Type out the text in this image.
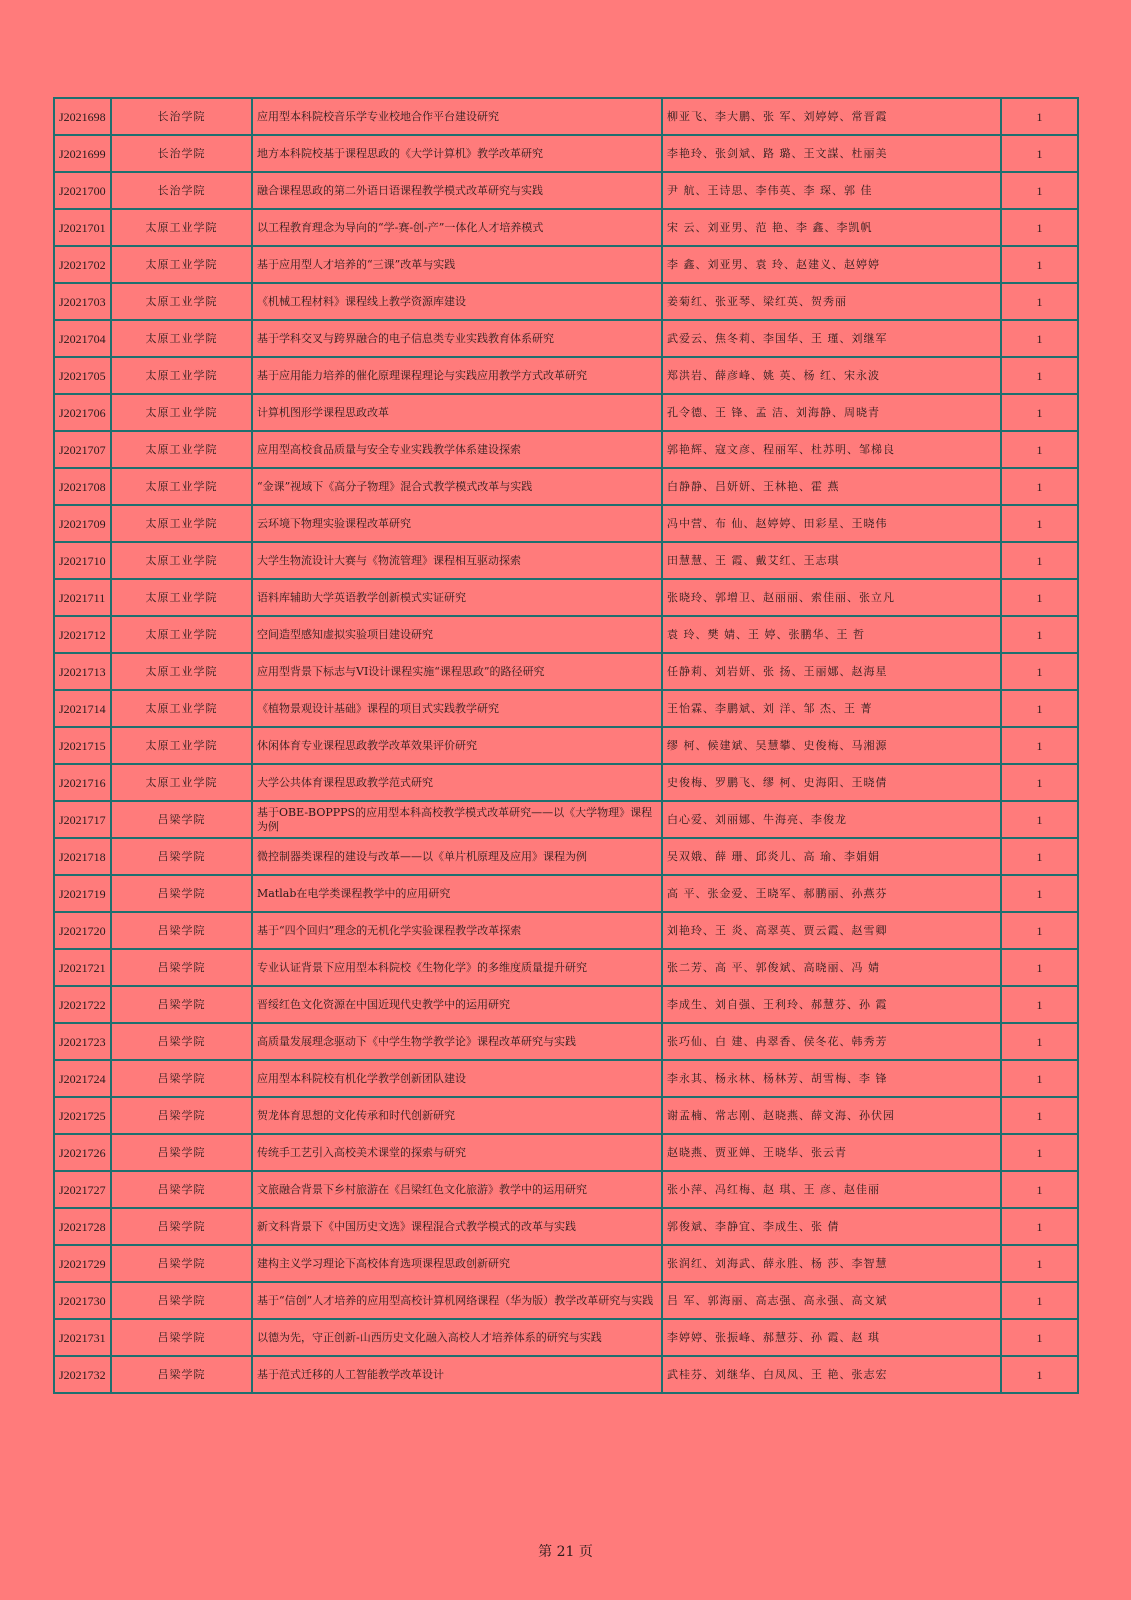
J2021698	长治学院	应用型本科院校音乐学专业校地合作平台建设研究	柳亚飞、李大鹏、张 军、刘婷婷、常晋霞	1
J2021699	长治学院	地方本科院校基于课程思政的《大学计算机》教学改革研究	李艳玲、张剑斌、路 璐、王文謀、杜丽美	1
J2021700	长治学院	融合课程思政的第二外语日语课程教学模式改革研究与实践	尹 航、王诗思、李伟英、李 琛、郭 佳	1
J2021701	太原工业学院	以工程教育理念为导向的“学-赛-创-产”一体化人才培养模式	宋 云、刘亚男、范 艳、李 鑫、李凯帆	1
J2021702	太原工业学院	基于应用型人才培养的“三课”改革与实践	李 鑫、刘亚男、袁 玲、赵建义、赵婷婷	1
J2021703	太原工业学院	《机械工程材料》课程线上教学资源库建设	姜菊红、张亚琴、梁红英、贺秀丽	1
J2021704	太原工业学院	基于学科交叉与跨界融合的电子信息类专业实践教育体系研究	武爱云、焦冬莉、李国华、王 瑾、刘继军	1
J2021705	太原工业学院	基于应用能力培养的催化原理课程理论与实践应用教学方式改革研究	郑洪岩、薛彦峰、姚 英、杨 红、宋永波	1
J2021706	太原工业学院	计算机图形学课程思政改革	孔令德、王 锋、孟 洁、刘海静、周晓青	1
J2021707	太原工业学院	应用型高校食品质量与安全专业实践教学体系建设探索	郭艳辉、寇文彦、程丽军、杜苏明、邹梯良	1
J2021708	太原工业学院	“金课”视域下《高分子物理》混合式教学模式改革与实践	白静静、吕妍妍、王林艳、霍 燕	1
J2021709	太原工业学院	云环境下物理实验课程改革研究	冯中营、布 仙、赵婷婷、田彩星、王晓伟	1
J2021710	太原工业学院	大学生物流设计大赛与《物流管理》课程相互驱动探索	田慧慧、王 霞、戴艾红、王志琪	1
J2021711	太原工业学院	语料库辅助大学英语教学创新模式实证研究	张晓玲、郭增卫、赵丽丽、索佳丽、张立凡	1
J2021712	太原工业学院	空间造型感知虚拟实验项目建设研究	袁 玲、樊 婧、王 婷、张鹏华、王 哲	1
J2021713	太原工业学院	应用型背景下标志与VI设计课程实施“课程思政”的路径研究	任静莉、刘岩妍、张 扬、王丽娜、赵海星	1
J2021714	太原工业学院	《植物景观设计基础》课程的项目式实践教学研究	王怡霖、李鹏斌、刘 洋、邹 杰、王 菁	1
J2021715	太原工业学院	休闲体育专业课程思政教学改革效果评价研究	缪 柯、候建斌、吴慧攀、史俊梅、马湘源	1
J2021716	太原工业学院	大学公共体育课程思政教学范式研究	史俊梅、罗鹏飞、缪 柯、史海阳、王晓倩	1
J2021717	吕梁学院	基于OBE-BOPPPS的应用型本科高校教学模式改革研究——以《大学物理》课程为例	白心爱、刘丽娜、牛海亮、李俊龙	1
J2021718	吕梁学院	微控制器类课程的建设与改革——以《单片机原理及应用》课程为例	吴双娥、薛 珊、邱炎儿、高 瑜、李娟娟	1
J2021719	吕梁学院	Matlab在电学类课程教学中的应用研究	高 平、张金爱、王晓军、郝鹏丽、孙燕芬	1
J2021720	吕梁学院	基于“四个回归”理念的无机化学实验课程教学改革探索	刘艳玲、王 炎、高翠英、贾云霞、赵雪卿	1
J2021721	吕梁学院	专业认证背景下应用型本科院校《生物化学》的多维度质量提升研究	张二芳、高 平、郭俊斌、高晓丽、冯 婧	1
J2021722	吕梁学院	晋绥红色文化资源在中国近现代史教学中的运用研究	李成生、刘自强、王利玲、郝慧芬、孙 霞	1
J2021723	吕梁学院	高质量发展理念驱动下《中学生物学教学论》课程改革研究与实践	张巧仙、白 建、冉翠香、侯冬花、韩秀芳	1
J2021724	吕梁学院	应用型本科院校有机化学教学创新团队建设	李永其、杨永林、杨林芳、胡雪梅、李 锋	1
J2021725	吕梁学院	贺龙体育思想的文化传承和时代创新研究	谢孟楠、常志刚、赵晓燕、薛文海、孙伏园	1
J2021726	吕梁学院	传统手工艺引入高校美术课堂的探索与研究	赵晓燕、贾亚婵、王晓华、张云青	1
J2021727	吕梁学院	文旅融合背景下乡村旅游在《吕梁红色文化旅游》教学中的运用研究	张小萍、冯红梅、赵 琪、王 彦、赵佳丽	1
J2021728	吕梁学院	新文科背景下《中国历史文选》课程混合式教学模式的改革与实践	郭俊斌、李静宜、李成生、张 倩	1
J2021729	吕梁学院	建构主义学习理论下高校体育选项课程思政创新研究	张润红、刘海武、薛永胜、杨 莎、李智慧	1
J2021730	吕梁学院	基于“信创”人才培养的应用型高校计算机网络课程（华为版）教学改革研究与实践	吕 军、郭海丽、高志强、高永强、高文斌	1
J2021731	吕梁学院	以德为先，守正创新-山西历史文化融入高校人才培养体系的研究与实践	李婷婷、张振峰、郝慧芬、孙 霞、赵 琪	1
J2021732	吕梁学院	基于范式迁移的人工智能教学改革设计	武桂芬、刘继华、白凤凤、王 艳、张志宏	1
第 21 页
